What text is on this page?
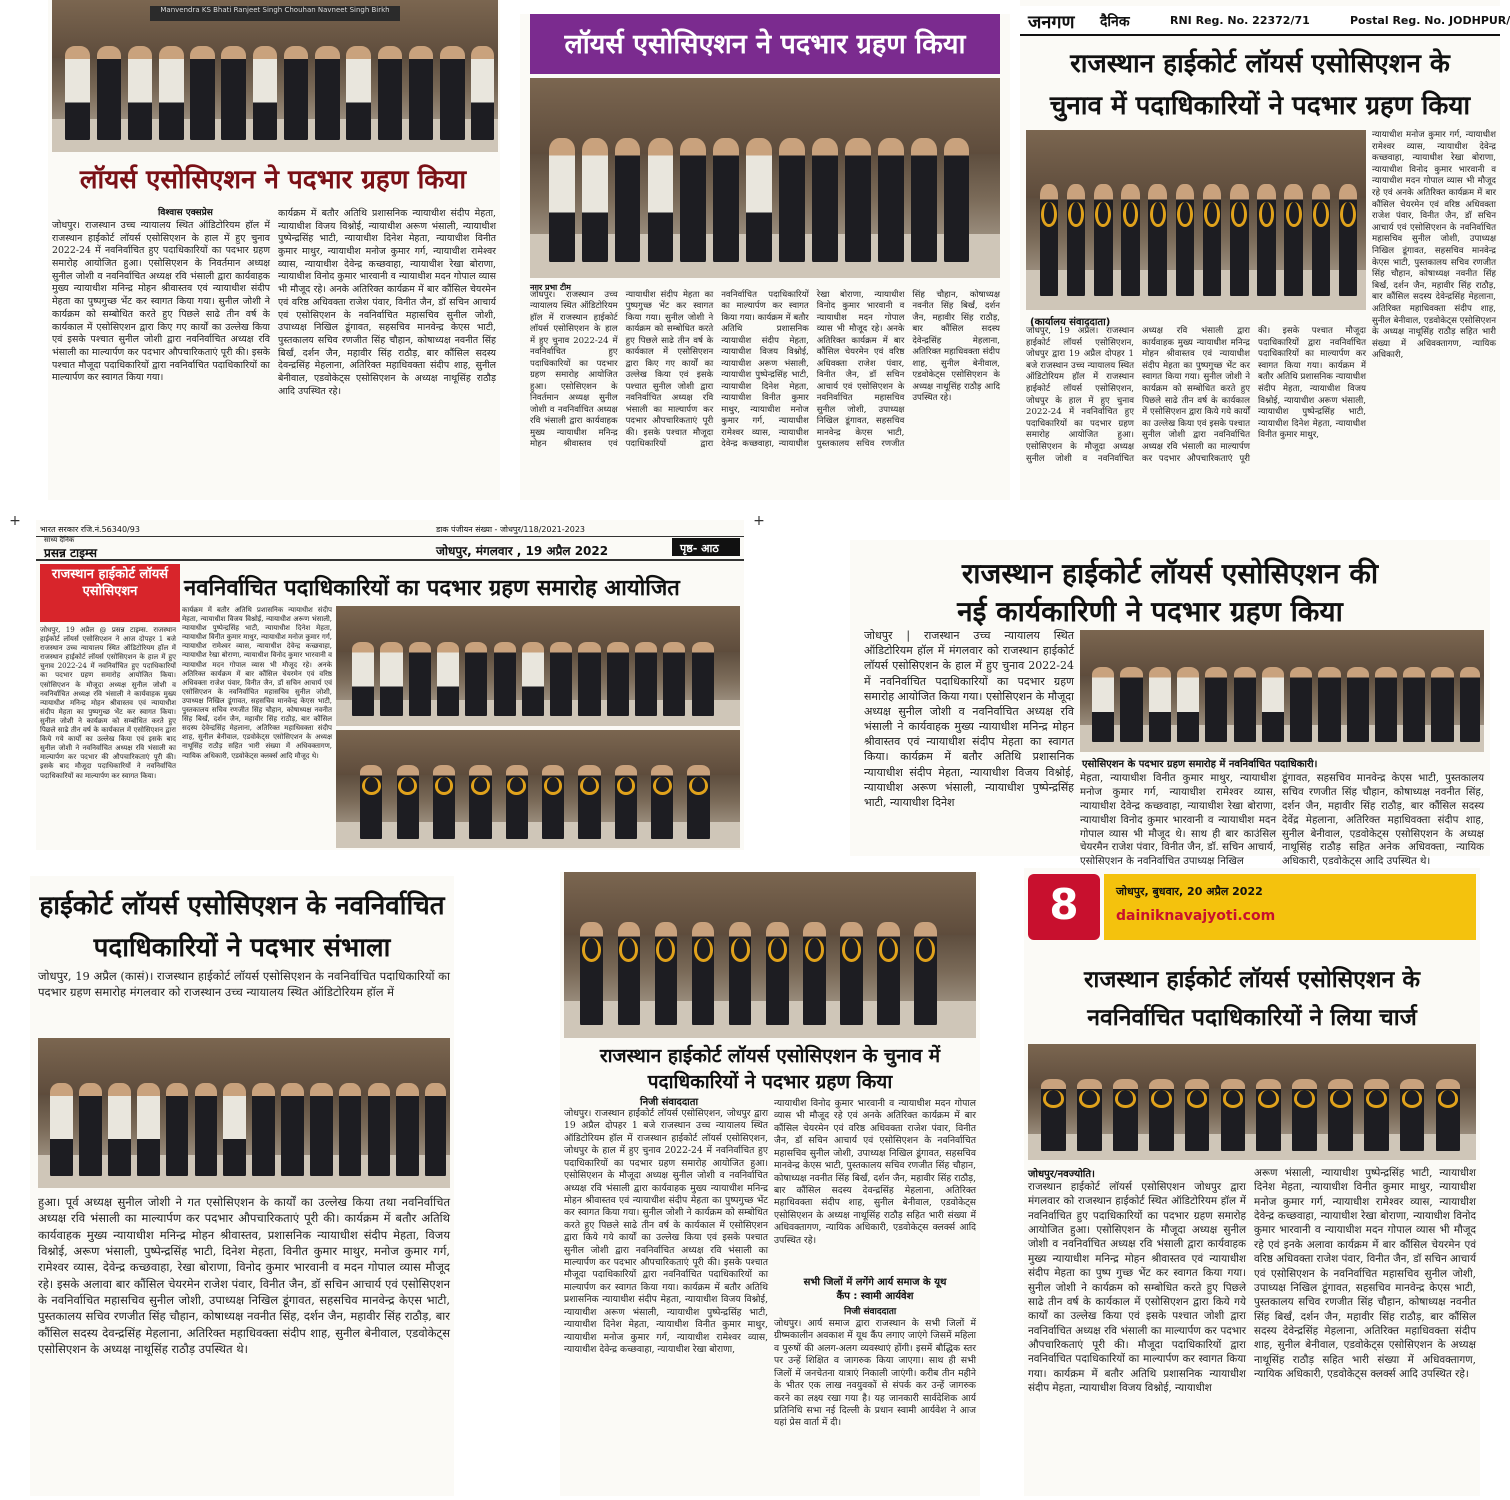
Manvendra KS Bhati Ranjeet Singh Chouhan Navneet Singh Birkh
लॉयर्स एसोसिएशन ने पदभार ग्रहण किया
विश्वास एक्सप्रेस
जोधपुर। राजस्थान उच्च न्यायालय स्थित ऑडिटोरियम हॉल में राजस्थान हाईकोर्ट लॉयर्स एसोसिएशन के हाल में हुए चुनाव 2022-24 में नवनिर्वाचित हुए पदाधिकारियों का पदभार ग्रहण समारोह आयोजित हुआ। एसोसिएशन के निवर्तमान अध्यक्ष सुनील जोशी व नवनिर्वाचित अध्यक्ष रवि भंसाली द्वारा कार्यवाहक मुख्य न्यायाधीश मनिन्द्र मोहन श्रीवास्तव एवं न्यायाधीश संदीप मेहता का पुष्पगुच्छ भेंट कर स्वागत किया गया। सुनील जोशी ने कार्यक्रम को सम्बोधित करते हुए पिछले साढे तीन वर्ष के कार्यकाल में एसोसिएशन द्वारा किए गए कार्यों का उल्लेख किया एवं इसके पश्चात सुनील जोशी द्वारा नवनिर्वाचित अध्यक्ष रवि भंसाली का माल्यार्पण कर पदभार औपचारिकताएं पूरी की। इसके पश्चात मौजूदा पदाधिकारियों द्वारा नवनिर्वाचित पदाधिकारियों का माल्यार्पण कर स्वागत किया गया।
कार्यक्रम में बतौर अतिथि प्रशासनिक न्यायाधीश संदीप मेहता, न्यायाधीश विजय विश्नोई, न्यायाधीश अरूण भंसाली, न्यायाधीश पुष्पेन्द्रसिंह भाटी, न्यायाधीश दिनेश मेहता, न्यायाधीश विनीत कुमार माथुर, न्यायाधीश मनोज कुमार गर्ग, न्यायाधीश रामेश्वर व्यास, न्यायाधीश देवेन्द्र कच्छवाहा, न्यायाधीश रेखा बोराणा, न्यायाधीश विनोद कुमार भारवानी व न्यायाधीश मदन गोपाल व्यास भी मौजूद रहे। अनके अतिरिक्त कार्यक्रम में बार कौंसिल चेयरमेन एवं वरिष्ठ अधिवक्ता राजेश पंवार, विनीत जैन, डॉ सचिन आचार्य एवं एसोसिएशन के नवनिर्वाचित महासचिव सुनील जोशी, उपाध्यक्ष निखिल डूंगावत, सहसचिव मानवेन्द्र केएस भाटी, पुस्तकालय सचिव रणजीत सिंह चौहान, कोषाध्यक्ष नवनीत सिंह बिर्खं, दर्शन जैन, महावीर सिंह राठौड़, बार कौंसिल सदस्य देवन्द्रसिंह मेहलाना, अतिरिक्त महाधिवक्ता संदीप शाह, सुनील बेनीवाल, एडवोकेट्स एसोसिएशन के अध्यक्ष नाथूसिंह राठौड़ आदि उपस्थित रहे।
लॉयर्स एसोसिएशन ने पदभार ग्रहण किया
नगर प्रभा टीम
जोधपुर। राजस्थान उच्च न्यायालय स्थित ऑडिटोरियम हॉल में राजस्थान हाईकोर्ट लॉयर्स एसोसिएशन के हाल में हुए चुनाव 2022-24 में नवनिर्वाचित हुए पदाधिकारियों का पदभार ग्रहण समारोह आयोजित हुआ। एसोसिएशन के निवर्तमान अध्यक्ष सुनील जोशी व नवनिर्वाचित अध्यक्ष रवि भंसाली द्वारा कार्यवाहक मुख्य न्यायाधीश मनिन्द्र मोहन श्रीवास्तव एवं न्यायाधीश संदीप मेहता का पुष्पगुच्छ भेंट कर स्वागत किया गया। सुनील जोशी ने कार्यक्रम को सम्बोधित करते हुए पिछले साढे तीन वर्ष के कार्यकाल में एसोसिएशन द्वारा किए गए कार्यों का उल्लेख किया एवं इसके पश्चात सुनील जोशी द्वारा नवनिर्वाचित अध्यक्ष रवि भंसाली का माल्यार्पण कर पदभार औपचारिकताएं पूरी की। इसके पश्चात मौजूदा पदाधिकारियों द्वारा नवनिर्वाचित पदाधिकारियों का माल्यार्पण कर स्वागत किया गया। कार्यक्रम में बतौर अतिथि प्रशासनिक न्यायाधीश संदीप मेहता, न्यायाधीश विजय विश्नोई, न्यायाधीश अरूण भंसाली, न्यायाधीश पुष्पेन्द्रसिंह भाटी, न्यायाधीश दिनेश मेहता, न्यायाधीश विनीत कुमार माथुर, न्यायाधीश मनोज कुमार गर्ग, न्यायाधीश रामेश्वर व्यास, न्यायाधीश देवेन्द्र कच्छवाहा, न्यायाधीश रेखा बोराणा, न्यायाधीश विनोद कुमार भारवानी व न्यायाधीश मदन गोपाल व्यास भी मौजूद रहे। अनके अतिरिक्त कार्यक्रम में बार कौंसिल चेयरमेन एवं वरिष्ठ अधिवक्ता राजेश पंवार, विनीत जैन, डॉ सचिन आचार्य एवं एसोसिएशन के नवनिर्वाचित महासचिव सुनील जोशी, उपाध्यक्ष निखिल डूंगावत, सहसचिव मानवेन्द्र केएस भाटी, पुस्तकालय सचिव रणजीत सिंह चौहान, कोषाध्यक्ष नवनीत सिंह बिर्खं, दर्शन जैन, महावीर सिंह राठौड़, बार कौंसिल सदस्य देवेन्द्रसिंह मेहलाना, अतिरिक्त महाधिवक्ता संदीप शाह, सुनील बेनीवाल, एडवोकेट्स एसोसिएशन के अध्यक्ष नाथूसिंह राठौड़ आदि उपस्थित रहे।
जनगण दैनिक	RNI Reg. No. 22372/71	Postal Reg. No. JODHPUR/
राजस्थान हाईकोर्ट लॉयर्स एसोसिएशन के
चुनाव में पदाधिकारियों ने पदभार ग्रहण किया
न्यायाधीश मनोज कुमार गर्ग, न्यायाधीश रामेश्वर व्यास, न्यायाधीश देवेन्द्र कच्छवाहा, न्यायाधीश रेखा बोराणा, न्यायाधीश विनोद कुमार भारवानी व न्यायाधीश मदन गोपाल व्यास भी मौजूद रहे एवं अनके अतिरिक्त कार्यक्रम में बार कौंसिल चेयरमेन एवं वरिष्ठ अधिवक्ता राजेश पंवार, विनीत जैन, डॉ सचिन आचार्य एवं एसोसिएशन के नवनिर्वाचित महासचिव सुनील जोशी, उपाध्यक्ष निखिल डूंगावत, सहसचिव मानवेन्द्र केएस भाटी, पुस्तकालय सचिव रणजीत सिंह चौहान, कोषाध्यक्ष नवनीत सिंह बिर्खं, दर्शन जैन, महावीर सिंह राठौड़, बार कौंसिल सदस्य देवेन्द्रसिंह मेहलाना, अतिरिक्त महाधिवक्ता संदीप शाह, सुनील बेनीवाल, एडवोकेट्स एसोसिएशन के अध्यक्ष नाथूसिंह राठौड़ सहित भारी संख्या में अधिवक्तागण, न्यायिक अधिकारी,
(कार्यालय संवाददाता)
जोधपुर, 19 अप्रैल। राजस्थान हाईकोर्ट लॉयर्स एसोसिएशन, जोधपुर द्वारा 19 अप्रैल दोपहर 1 बजे राजस्थान उच्च न्यायालय स्थित ऑडिटोरियम हॉल में राजस्थान हाईकोर्ट लॉयर्स एसोसिएशन, जोधपुर के हाल में हुए चुनाव 2022-24 में नवनिर्वाचित हुए पदाधिकारियों का पदभार ग्रहण समारोह आयोजित हुआ। एसोसिएशन के मौजूदा अध्यक्ष सुनील जोशी व नवनिर्वाचित अध्यक्ष रवि भंसाली द्वारा कार्यवाहक मुख्य न्यायाधीश मनिन्द्र मोहन श्रीवास्तव एवं न्यायाधीश संदीप मेहता का पुष्पगुच्छ भेंट कर स्वागत किया गया। सुनील जोशी ने कार्यक्रम को सम्बोधित करते हुए पिछले साढे तीन वर्ष के कार्यकाल में एसोसिएशन द्वारा किये गये कार्यों का उल्लेख किया एवं इसके पश्चात सुनील जोशी द्वारा नवनिर्वाचित अध्यक्ष रवि भंसाली का माल्यार्पण कर पदभार औपचारिकताएं पूरी की। इसके पश्चात मौजूदा पदाधिकारियों द्वारा नवनिर्वाचित पदाधिकारियों का माल्यार्पण कर स्वागत किया गया। कार्यक्रम में बतौर अतिथि प्रशासनिक न्यायाधीश संदीप मेहता, न्यायाधीश विजय विश्नोई, न्यायाधीश अरूण भंसाली, न्यायाधीश पुष्पेन्द्रसिंह भाटी, न्यायाधीश दिनेश मेहता, न्यायाधीश विनीत कुमार माथुर,
भारत सरकार रजि.नं.56340/93	डाक पंजीयन संख्या - जोधपुर/118/2021-2023
सांध्य दैनिक
प्रसन्न टाइम्स	जोधपुर, मंगलवार , 19 अप्रैल 2022	पृष्ठ- आठ
राजस्थान हाईकोर्ट लॉयर्स एसोसिएशन	नवनिर्वाचित पदाधिकारियों का पदभार ग्रहण समारोह आयोजित
जोधपुर, 19 अप्रैल @ प्रसन्न टाइम्स. राजस्थान हाईकोर्ट लॉयर्स एसोसिएशन ने आज दोपहर 1 बजे राजस्थान उच्च न्यायालय स्थित ऑडिटोरियम हॉल में राजस्थान हाईकोर्ट लॉयर्स एसोसिएशन के हाल में हुए चुनाव 2022-24 में नवनिर्वाचित हुए पदाधिकारियों का पदभार ग्रहण समारोह आयोजित किया। एसोसिएशन के मौजूदा अध्यक्ष सुनील जोशी व नवनिर्वाचित अध्यक्ष रवि भंसाली ने कार्यवाहक मुख्य न्यायाधीश मनिन्द्र मोहन श्रीवास्तव एवं न्यायाधीश संदीप मेहता का पुष्पगुच्छ भेंट कर स्वागत किया। सुनील जोशी ने कार्यक्रम को सम्बोधित करते हुए पिछले साढे तीन वर्ष के कार्यकाल में एसोसिएशन द्वारा किये गये कार्यों का उल्लेख किया एवं इसके बाद सुनील जोशी ने नवनिर्वाचित अध्यक्ष रवि भंसाली का माल्यार्पण कर पदभार की औपचारिकताएं पूरी की। इसके बाद मौजूदा पदाधिकारियों ने नवनिर्वाचित पदाधिकारियों का माल्यार्पण कर स्वागत किया।
कार्यक्रम में बतौर अतिथि प्रशासनिक न्यायाधीश संदीप मेहता, न्यायाधीश विजय विश्नोई, न्यायाधीश अरूण भंसाली, न्यायाधीश पुष्पेन्द्रसिंह भाटी, न्यायाधीश दिनेश मेहता, न्यायाधीश विनीत कुमार माथुर, न्यायाधीश मनोज कुमार गर्ग, न्यायाधीश रामेश्वर व्यास, न्यायाधीश देवेन्द्र कच्छवाहा, न्यायाधीश रेखा बोराणा, न्यायाधीश विनोद कुमार भारवानी व न्यायाधीश मदन गोपाल व्यास भी मौजूद रहे। अनके अतिरिक्त कार्यक्रम में बार कौंसिल चेयरमेन एवं वरिष्ठ अधिवक्ता राजेश पंवार, विनीत जैन, डॉ सचिन आचार्य एवं एसोसिएशन के नवनिर्वाचित महासचिव सुनील जोशी, उपाध्यक्ष निखिल डूंगावत, सहसचिव मानवेन्द्र केएस भाटी, पुस्तकालय सचिव रणजीत सिंह चौहान, कोषाध्यक्ष नवनीत सिंह बिर्खं, दर्शन जैन, महावीर सिंह राठौड़, बार कौंसिल सदस्य देवेन्द्रसिंह मेहलाना, अतिरिक्त महाधिवक्ता संदीप शाह, सुनील बेनीवाल, एडवोकेट्स एसोसिएशन के अध्यक्ष नाथूसिंह राठौड़ सहित भारी संख्या में अधिवक्तागण, न्यायिक अधिकारी, एडवोकेट्स क्लर्क्स आदि मौजूद थे।
राजस्थान हाईकोर्ट लॉयर्स एसोसिएशन की
नई कार्यकारिणी ने पदभार ग्रहण किया
जोधपुर | राजस्थान उच्च न्यायालय स्थित ऑडिटोरियम हॉल में मंगलवार को राजस्थान हाईकोर्ट लॉयर्स एसोसिएशन के हाल में हुए चुनाव 2022-24 में नवनिर्वाचित पदाधिकारियों का पदभार ग्रहण समारोह आयोजित किया गया। एसोसिएशन के मौजूदा अध्यक्ष सुनील जोशी व नवनिर्वाचित अध्यक्ष रवि भंसाली ने कार्यवाहक मुख्य न्यायाधीश मनिन्द्र मोहन श्रीवास्तव एवं न्यायाधीश संदीप मेहता का स्वागत किया। कार्यक्रम में बतौर अतिथि प्रशासनिक न्यायाधीश संदीप मेहता, न्यायाधीश विजय विश्नोई, न्यायाधीश अरूण भंसाली, न्यायाधीश पुष्पेन्द्रसिंह भाटी, न्यायाधीश दिनेश
एसोसिएशन के पदभार ग्रहण समारोह में नवनिर्वाचित पदाधिकारी।
मेहता, न्यायाधीश विनीत कुमार माथुर, न्यायाधीश मनोज कुमार गर्ग, न्यायाधीश रामेश्वर व्यास, न्यायाधीश देवेन्द्र कच्छवाहा, न्यायाधीश रेखा बोराणा, न्यायाधीश विनोद कुमार भारवानी व न्यायाधीश मदन गोपाल व्यास भी मौजूद थे। साथ ही बार काउंसिल चेयरमैन राजेश पंवार, विनीत जैन, डॉ. सचिन आचार्य, एसोसिएशन के नवनिर्वाचित उपाध्यक्ष निखिल
डूंगावत, सहसचिव मानवेन्द्र केएस भाटी, पुस्तकालय सचिव रणजीत सिंह चौहान, कोषाध्यक्ष नवनीत सिंह, दर्शन जैन, महावीर सिंह राठौड़, बार कौंसिल सदस्य देवेंद्र मेहलाना, अतिरिक्त महाधिवक्ता संदीप शाह, सुनील बेनीवाल, एडवोकेट्स एसोसिएशन के अध्यक्ष नाथूसिंह राठौड़ सहित अनेक अधिवक्ता, न्यायिक अधिकारी, एडवोकेट्स आदि उपस्थित थे।
हाईकोर्ट लॉयर्स एसोसिएशन के नवनिर्वाचित
पदाधिकारियों ने पदभार संभाला
जोधपुर, 19 अप्रैल (कासं)। राजस्थान हाईकोर्ट लॉयर्स एसोसिएशन के नवनिर्वाचित पदाधिकारियों का पदभार ग्रहण समारोह मंगलवार को राजस्थान उच्च न्यायालय स्थित ऑडिटोरियम हॉल में
हुआ। पूर्व अध्यक्ष सुनील जोशी ने गत एसोसिएशन के कार्यों का उल्लेख किया तथा नवनिर्वाचित अध्यक्ष रवि भंसाली का माल्यार्पण कर पदभार औपचारिकताएं पूरी की। कार्यक्रम में बतौर अतिथि कार्यवाहक मुख्य न्यायाधीश मनिन्द्र मोहन श्रीवास्तव, प्रशासनिक न्यायाधीश संदीप मेहता, विजय विश्नोई, अरूण भंसाली, पुष्पेन्द्रसिंह भाटी, दिनेश मेहता, विनीत कुमार माथुर, मनोज कुमार गर्ग, रामेश्वर व्यास, देवेन्द्र कच्छवाहा, रेखा बोराणा, विनोद कुमार भारवानी व मदन गोपाल व्यास मौजूद रहे। इसके अलावा बार कौंसिल चेयरमेन राजेश पंवार, विनीत जैन, डॉ सचिन आचार्य एवं एसोसिएशन के नवनिर्वाचित महासचिव सुनील जोशी, उपाध्यक्ष निखिल डूंगावत, सहसचिव मानवेन्द्र केएस भाटी, पुस्तकालय सचिव रणजीत सिंह चौहान, कोषाध्यक्ष नवनीत सिंह, दर्शन जैन, महावीर सिंह राठौड़, बार कौंसिल सदस्य देवन्द्रसिंह मेहलाना, अतिरिक्त महाधिवक्ता संदीप शाह, सुनील बेनीवाल, एडवोकेट्स एसोसिएशन के अध्यक्ष नाथूसिंह राठौड़ उपस्थित थे।
राजस्थान हाईकोर्ट लॉयर्स एसोसिएशन के चुनाव में
पदाधिकारियों ने पदभार ग्रहण किया
निजी संवाददाता
जोधपुर। राजस्थान हाईकोर्ट लॉयर्स एसोसिएशन, जोधपुर द्वारा 19 अप्रैल दोपहर 1 बजे राजस्थान उच्च न्यायालय स्थित ऑडिटोरियम हॉल में राजस्थान हाईकोर्ट लॉयर्स एसोसिएशन, जोधपुर के हाल में हुए चुनाव 2022-24 में नवनिर्वाचित हुए पदाधिकारियों का पदभार ग्रहण समारोह आयोजित हुआ। एसोसिएशन के मौजूदा अध्यक्ष सुनील जोशी व नवनिर्वाचित अध्यक्ष रवि भंसाली द्वारा कार्यवाहक मुख्य न्यायाधीश मनिन्द्र मोहन श्रीवास्तव एवं न्यायाधीश संदीप मेहता का पुष्पगुच्छ भेंट कर स्वागत किया गया। सुनील जोशी ने कार्यक्रम को सम्बोधित करते हुए पिछले साढे तीन वर्ष के कार्यकाल में एसोसिएशन द्वारा किये गये कार्यों का उल्लेख किया एवं इसके पश्चात सुनील जोशी द्वारा नवनिर्वाचित अध्यक्ष रवि भंसाली का माल्यार्पण कर पदभार औपचारिकताएं पूरी की। इसके पश्चात मौजूदा पदाधिकारियों द्वारा नवनिर्वाचित पदाधिकारियों का माल्यार्पण कर स्वागत किया गया। कार्यक्रम में बतौर अतिथि प्रशासनिक न्यायाधीश संदीप मेहता, न्यायाधीश विजय विश्नोई, न्यायाधीश अरूण भंसाली, न्यायाधीश पुष्पेन्द्रसिंह भाटी, न्यायाधीश दिनेश मेहता, न्यायाधीश विनीत कुमार माथुर, न्यायाधीश मनोज कुमार गर्ग, न्यायाधीश रामेश्वर व्यास, न्यायाधीश देवेन्द्र कच्छवाहा, न्यायाधीश रेखा बोराणा,
न्यायाधीश विनोद कुमार भारवानी व न्यायाधीश मदन गोपाल व्यास भी मौजूद रहे एवं अनके अतिरिक्त कार्यक्रम में बार कौंसिल चेयरमेन एवं वरिष्ठ अधिवक्ता राजेश पंवार, विनीत जैन, डॉ सचिन आचार्य एवं एसोसिएशन के नवनिर्वाचित महासचिव सुनील जोशी, उपाध्यक्ष निखिल डूंगावत, सहसचिव मानवेन्द्र केएस भाटी, पुस्तकालय सचिव रणजीत सिंह चौहान, कोषाध्यक्ष नवनीत सिंह बिर्खं, दर्शन जैन, महावीर सिंह राठौड़, बार कौंसिल सदस्य देवन्द्रसिंह मेहलाना, अतिरिक्त महाधिवक्ता संदीप शाह, सुनील बेनीवाल, एडवोकेट्स एसोसिएशन के अध्यक्ष नाथूसिंह राठौड़ सहित भारी संख्या में अधिवक्तागण, न्यायिक अधिकारी, एडवोकेट्स क्लर्क्स आदि उपस्थित रहे।
सभी जिलों में लगेंगे आर्य समाज के यूथ
कैंप : स्वामी आर्यवेश
निजी संवाददाता
जोधपुर। आर्य समाज द्वारा राजस्थान के सभी जिलों में ग्रीष्मकालीन अवकाश में यूथ कैंप लगाए जाएंगे जिसमें महिला व पुरुषों की अलग-अलग व्यवस्थाएं होंगी। इसमें बौद्धिक स्तर पर उन्हें शिक्षित व जागरुक किया जाएगा। साथ ही सभी जिलों में जनचेतना यात्राएं निकाली जाएंगी। करीब तीन महीने के भीतर एक लाख नवयुवकों से संपर्क कर उन्हें जागरुक करने का लक्ष्य रखा गया है। यह जानकारी सार्वदेशिक आर्य प्रतिनिधि सभा नई दिल्ली के प्रधान स्वामी आर्यवेश ने आज यहां प्रेस वार्ता में दी।
8	जोधपुर, बुधवार, 20 अप्रैल 2022
dainiknavajyoti.com
राजस्थान हाईकोर्ट लॉयर्स एसोसिएशन के
नवनिर्वाचित पदाधिकारियों ने लिया चार्ज
जोधपुर/नवज्योति।
राजस्थान हाईकोर्ट लॉयर्स एसोसिएशन जोधपुर द्वारा मंगलवार को राजस्थान हाईकोर्ट स्थित ऑडिटोरियम हॉल में नवनिर्वाचित हुए पदाधिकारियों का पदभार ग्रहण समारोह आयोजित हुआ। एसोसिएशन के मौजूदा अध्यक्ष सुनील जोशी व नवनिर्वाचित अध्यक्ष रवि भंसाली द्वारा कार्यवाहक मुख्य न्यायाधीश मनिन्द्र मोहन श्रीवास्तव एवं न्यायाधीश संदीप मेहता का पुष्प गुच्छ भेंट कर स्वागत किया गया। सुनील जोशी ने कार्यक्रम को सम्बोधित करते हुए पिछले साढे तीन वर्ष के कार्यकाल में एसोसिएशन द्वारा किये गये कार्यों का उल्लेख किया एवं इसके पश्चात जोशी द्वारा नवनिर्वाचित अध्यक्ष रवि भंसाली का माल्यार्पण कर पदभार औपचारिकताएं पूरी की। मौजूदा पदाधिकारियों द्वारा नवनिर्वाचित पदाधिकारियों का माल्यार्पण कर स्वागत किया गया। कार्यक्रम में बतौर अतिथि प्रशासनिक न्यायाधीश संदीप मेहता, न्यायाधीश विजय विश्नोई, न्यायाधीश
अरूण भंसाली, न्यायाधीश पुष्पेन्द्रसिंह भाटी, न्यायाधीश दिनेश मेहता, न्यायाधीश विनीत कुमार माथुर, न्यायाधीश मनोज कुमार गर्ग, न्यायाधीश रामेश्वर व्यास, न्यायाधीश देवेन्द्र कच्छवाहा, न्यायाधीश रेखा बोराणा, न्यायाधीश विनोद कुमार भारवानी व न्यायाधीश मदन गोपाल व्यास भी मौजूद रहे एवं इनके अलावा कार्यक्रम में बार कौंसिल चेयरमेन एवं वरिष्ठ अधिवक्ता राजेश पंवार, विनीत जैन, डॉ सचिन आचार्य एवं एसोसिएशन के नवनिर्वाचित महासचिव सुनील जोशी, उपाध्यक्ष निखिल डूंगावत, सहसचिव मानवेन्द्र केएस भाटी, पुस्तकालय सचिव रणजीत सिंह चौहान, कोषाध्यक्ष नवनीत सिंह बिर्खं, दर्शन जैन, महावीर सिंह राठौड़, बार कौंसिल सदस्य देवेन्द्रसिंह मेहलाना, अतिरिक्त महाधिवक्ता संदीप शाह, सुनील बेनीवाल, एडवोकेट्स एसोसिएशन के अध्यक्ष नाथूसिंह राठौड़ सहित भारी संख्या में अधिवक्तागण, न्यायिक अधिकारी, एडवोकेट्स क्लर्क्स आदि उपस्थित रहे।
+	+
